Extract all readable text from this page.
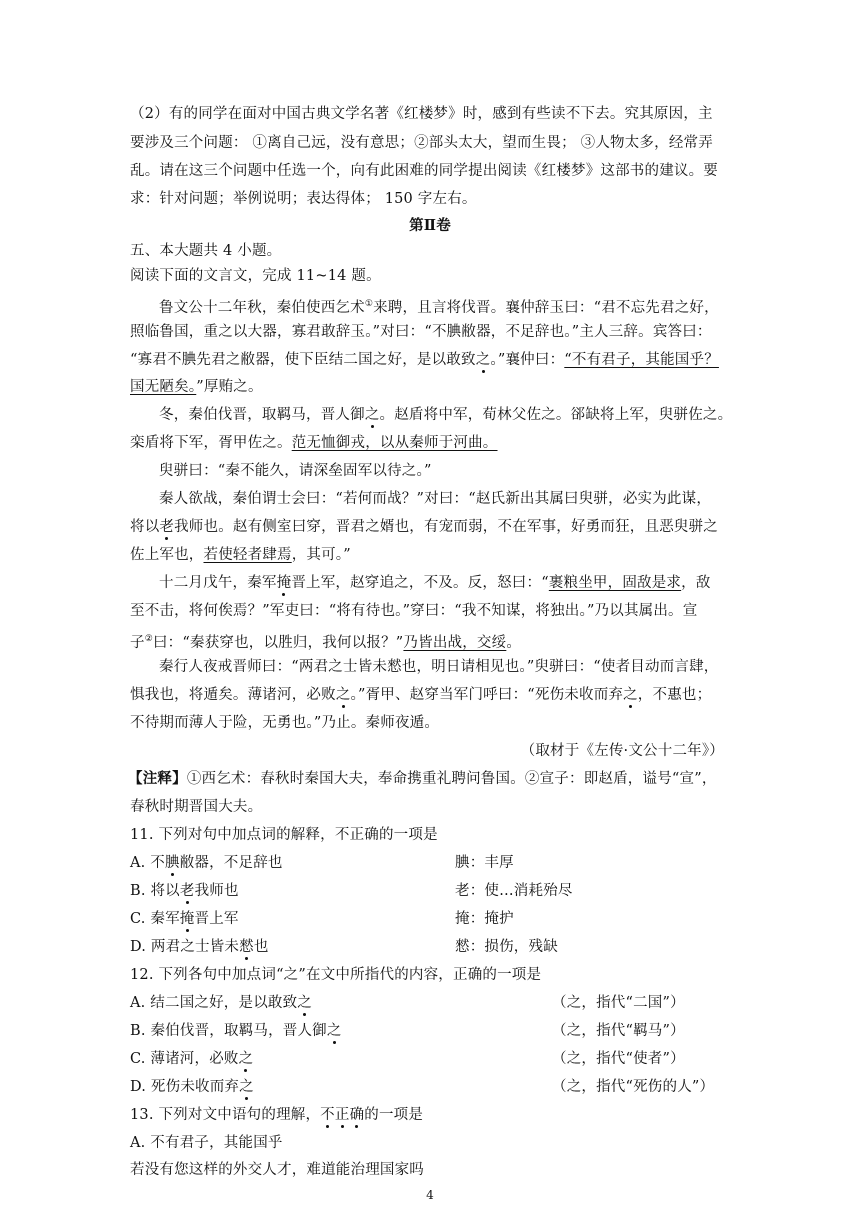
（2）有的同学在面对中国古典文学名著《红楼梦》时，感到有些读不下去。究其原因，主
要涉及三个问题： ①离自己远，没有意思；②部头太大，望而生畏； ③人物太多，经常弄
乱。请在这三个问题中任选一个，向有此困难的同学提出阅读《红楼梦》这部书的建议。要
求：针对问题；举例说明；表达得体； 150 字左右。
第Ⅱ卷
五、本大题共 4 小题。
阅读下面的文言文，完成 11~14 题。
鲁文公十二年秋，秦伯使西乞术①来聘，且言将伐晋。襄仲辞玉曰：“君不忘先君之好，
照临鲁国，重之以大器，寡君敢辞玉。”对曰：“不腆敝器，不足辞也。”主人三辞。宾答曰：
“寡君不腆先君之敝器，使下臣结二国之好，是以敢致之。”襄仲曰：“不有君子，其能国乎？
国无陋矣。”厚贿之。
冬，秦伯伐晋，取羁马，晋人御之。赵盾将中军，荀林父佐之。郤缺将上军，臾骈佐之。
栾盾将下军，胥甲佐之。范无恤御戎，以从秦师于河曲。
臾骈曰：“秦不能久，请深垒固军以待之。”
秦人欲战，秦伯谓士会曰：“若何而战？”对曰：“赵氏新出其属曰臾骈，必实为此谋，
将以老我师也。赵有侧室曰穿，晋君之婿也，有宠而弱，不在军事，好勇而狂，且恶臾骈之
佐上军也，若使轻者肆焉，其可。”
十二月戊午，秦军掩晋上军，赵穿追之，不及。反，怒曰：“裹粮坐甲，固敌是求，敌
至不击，将何俟焉？”军吏曰：“将有待也。”穿曰：“我不知谋，将独出。”乃以其属出。宣
子②曰：“秦获穿也，以胜归，我何以报？”乃皆出战，交绥。
秦行人夜戒晋师曰：“两君之士皆未憖也，明日请相见也。”臾骈曰：“使者目动而言肆，
惧我也，将遁矣。薄诸河，必败之。”胥甲、赵穿当军门呼曰：“死伤未收而弃之，不惠也；
不待期而薄人于险，无勇也。”乃止。秦师夜遁。
（取材于《左传·文公十二年》）
【注释】①西乞术：春秋时秦国大夫，奉命携重礼聘问鲁国。②宣子：即赵盾，谥号“宣”，
春秋时期晋国大夫。
11. 下列对句中加点词的解释，不正确的一项是
A. 不腆敝器，不足辞也	腆：丰厚
B. 将以老我师也	老：使…消耗殆尽
C. 秦军掩晋上军	掩：掩护
D. 两君之士皆未憖也	憖：损伤，残缺
12. 下列各句中加点词“之”在文中所指代的内容，正确的一项是
A. 结二国之好，是以敢致之	（之，指代“二国”）
B. 秦伯伐晋，取羁马，晋人御之	（之，指代“羁马”）
C. 薄诸河，必败之	（之，指代“使者”）
D. 死伤未收而弃之	（之，指代“死伤的人”）
13. 下列对文中语句的理解，不正确的一项是
A. 不有君子，其能国乎
若没有您这样的外交人才，难道能治理国家吗
4
